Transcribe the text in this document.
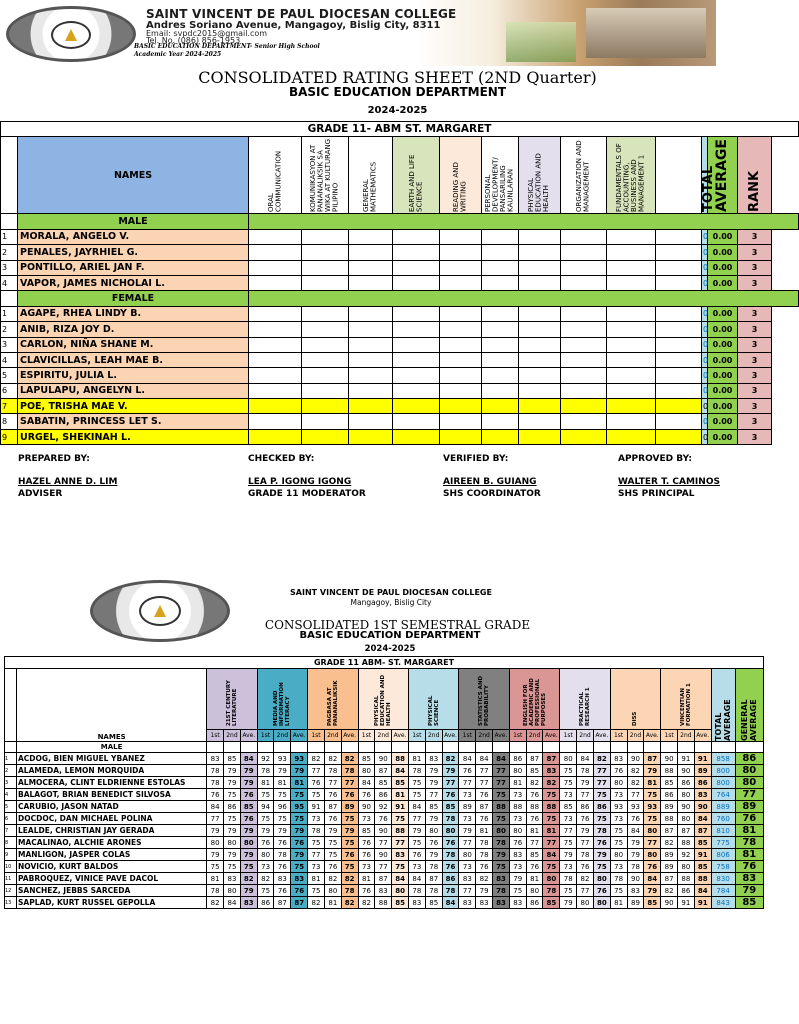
SAINT VINCENT DE PAUL DIOCESAN COLLEGE
Andres Soriano Avenue, Mangagoy, Bislig City, 8311
Email: svpdc2015@gmail.com
Tel. No. (086) 856-1953
BASIC EDUCATION DEPARTMENT- Senior High School
Academic Year 2024-2025
CONSOLIDATED RATING SHEET (2ND Quarter)
BASIC EDUCATION DEPARTMENT
2024-2025
GRADE 11- ABM ST. MARGARET														
	NAMES	ORAL COMMUNICATION	KOMUNIKASYON AT PANANALIKSIK SA WIKA AT KULTURANG PILIPINO	GENERAL MATHEMATICS	EARTH AND LIFE SCIENCE	READING AND WRITING	PERSONAL DEVELOPMENT/ PANSARILING KAUNLARAN	PHYSICAL EDUCATION AND HEALTH	ORGANIZATION AND MANAGEMENT	FUNDAMENTALS OF ACCOUNTING, BUSINESS AND MANAGEMENT 1		TOTAL	AVERAGE	RANK

	MALE													
1	MORALA, ANGELO V.											0	0.00	3
2	PENALES, JAYRHIEL G.											0	0.00	3
3	PONTILLO, ARIEL JAN F.											0	0.00	3
4	VAPOR, JAMES NICHOLAI L.											0	0.00	3
	FEMALE													
1	AGAPE, RHEA LINDY B.											0	0.00	3
2	ANIB, RIZA JOY D.											0	0.00	3
3	CARLON, NIÑA SHANE M.											0	0.00	3
4	CLAVICILLAS, LEAH MAE B.											0	0.00	3
5	ESPIRITU, JULIA L.											0	0.00	3
6	LAPULAPU, ANGELYN L.											0	0.00	3
7	POE, TRISHA MAE V.											0	0.00	3
8	SABATIN, PRINCESS LET S.											0	0.00	3
9	URGEL, SHEKINAH L.											0	0.00	3
PREPARED BY:
HAZEL ANNE D. LIM
ADVISER
CHECKED BY:
LEA P. IGONG IGONG
GRADE 11 MODERATOR
VERIFIED BY:
AIREEN B. GUIANG
SHS COORDINATOR
APPROVED BY:
WALTER T. CAMINOS
SHS PRINCIPAL
SAINT VINCENT DE PAUL DIOCESAN COLLEGE
Mangagoy, Bislig City
CONSOLIDATED 1ST SEMESTRAL GRADE
BASIC EDUCATION DEPARTMENT
2024-2025
GRADE 11 ABM- ST. MARGARET																																	
	NAMES	21ST CENTURY LITERATURE			MEDIA AND INFORMATION LITERACY			PAGBASA AT PANANALIKSIK			PHYSICAL EDUCATION AND HEALTH			PHYSICAL SCIENCE			STATISTICS AND PROBABILITY			ENGLISH FOR ACADEMIC AND PROFESSIONAL PURPOSES			PRACTICAL RESEARCH 1			DISS			VINCENTIAN FORMATION 1			TOTAL AVERAGE	GENERAL AVERAGE

		1st	2nd	Ave.	1st	2nd	Ave.	1st	2nd	Ave.	1st	2nd	Ave.	1st	2nd	Ave.	1st	2nd	Ave.	1st	2nd	Ave.	1st	2nd	Ave.	1st	2nd	Ave.	1st	2nd	Ave.		
	MALE																																
1	ACDOG, BIEN MIGUEL YBANEZ	83	85	84	92	93	93	82	82	82	85	90	88	81	83	82	84	84	84	86	87	87	80	84	82	83	90	87	90	91	91	858	86
2	ALAMEDA, LEMON MORQUIDA	78	79	79	78	79	79	77	78	78	80	87	84	78	79	79	76	77	77	80	85	83	75	78	77	76	82	79	88	90	89	800	80
3	ALMOCERA, CLINT ELDRIENNE ESTOLAS	78	79	79	81	81	81	76	77	77	84	85	85	75	79	77	77	77	77	81	82	82	75	79	77	80	82	81	85	86	86	800	80
4	BALAGOT, BRIAN BENEDICT SILVOSA	76	75	76	75	75	75	75	76	76	76	86	81	75	77	76	73	76	75	73	76	75	73	77	75	73	77	75	86	80	83	764	77
5	CARUBIO, JASON NATAD	84	86	85	94	96	95	91	87	89	90	92	91	84	85	85	89	87	88	88	88	88	85	86	86	93	93	93	89	90	90	889	89
6	DOCDOC, DAN MICHAEL POLINA	77	75	76	75	75	75	73	76	75	73	76	75	77	79	78	73	76	75	73	76	75	73	76	75	73	76	75	88	80	84	760	76
7	LEALDE, CHRISTIAN JAY GERADA	79	79	79	79	79	79	78	79	79	85	90	88	79	80	80	79	81	80	80	81	81	77	79	78	75	84	80	87	87	87	810	81
8	MACALINAO, ALCHIE ARONES	80	80	80	76	76	76	75	75	75	76	77	77	75	76	76	77	78	78	76	77	77	75	77	76	75	79	77	82	88	85	775	78
9	MANLIGON, JASPER COLAS	79	79	79	80	78	79	77	75	76	76	90	83	76	79	78	80	78	79	83	85	84	79	78	79	80	79	80	89	92	91	806	81
10	NOVICIO, KURT BALDOS	75	75	75	73	76	75	73	76	75	73	77	75	73	78	76	73	76	75	73	76	75	73	76	75	73	78	76	89	80	85	758	76
11	PABROQUEZ, VINICE PAVE DACOL	81	83	82	82	83	83	81	82	82	81	87	84	84	87	86	83	82	83	79	81	80	78	82	80	78	90	84	87	88	88	830	83
12	SANCHEZ, JEBBS SARCEDA	78	80	79	75	76	76	75	80	78	76	83	80	78	78	78	77	79	78	75	80	78	75	77	76	75	83	79	82	86	84	784	79
13	SAPLAD, KURT RUSSEL GEPOLLA	82	84	83	86	87	87	82	81	82	82	88	85	83	85	84	83	83	83	83	86	85	79	80	80	81	89	85	90	91	91	843	85
